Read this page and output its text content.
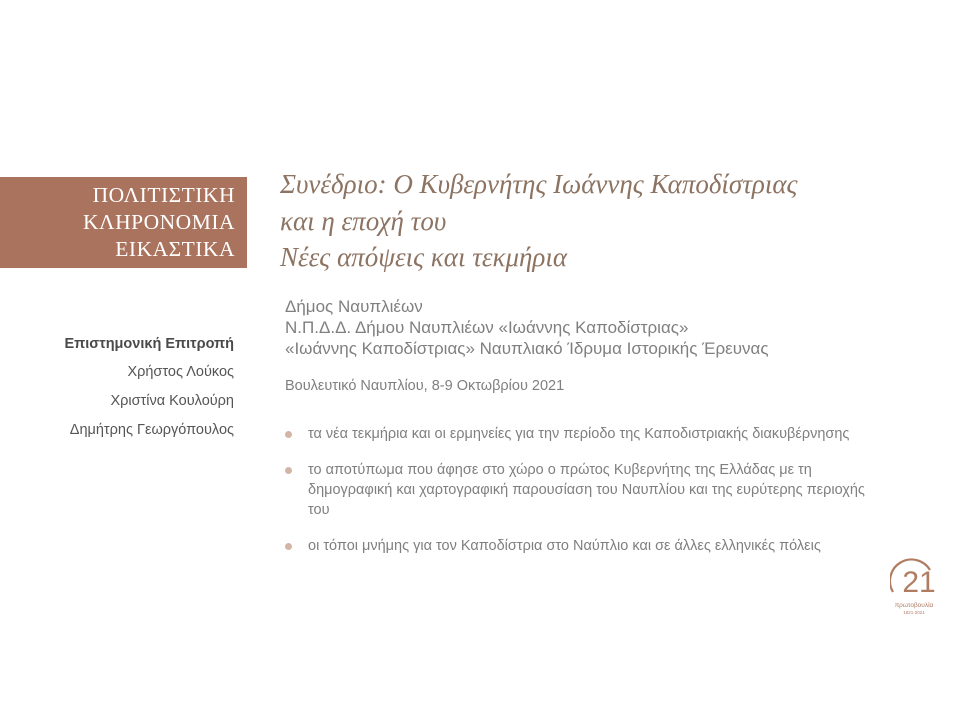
ΠΟΛΙΤΙΣΤΙΚΗ
ΚΛΗΡΟΝΟΜΙΑ
ΕΙΚΑΣΤΙΚΑ
Συνέδριο: Ο Κυβερνήτης Ιωάννης Καποδίστριας
και η εποχή του
Νέες απόψεις και τεκμήρια
Δήμος Ναυπλιέων
Ν.Π.Δ.Δ. Δήμου Ναυπλιέων «Ιωάννης Καποδίστριας»
«Ιωάννης Καποδίστριας» Ναυπλιακό Ίδρυμα Ιστορικής Έρευνας
Βουλευτικό Ναυπλίου, 8-9 Οκτωβρίου 2021
τα νέα τεκμήρια και οι ερμηνείες για την περίοδο της Καποδιστριακής διακυβέρνησης
το αποτύπωμα που άφησε στο χώρο ο πρώτος Κυβερνήτης της Ελλάδας με τη δημογραφική και χαρτογραφική παρουσίαση του Ναυπλίου και της ευρύτερης περιοχής του
οι τόποι μνήμης για τον Καποδίστρια στο Ναύπλιο και σε άλλες ελληνικές πόλεις
Επιστημονική Επιτροπή
Χρήστος Λούκος
Χριστίνα Κουλούρη
Δημήτρης Γεωργόπουλος
21
πρωτοβουλία
1821-2021
